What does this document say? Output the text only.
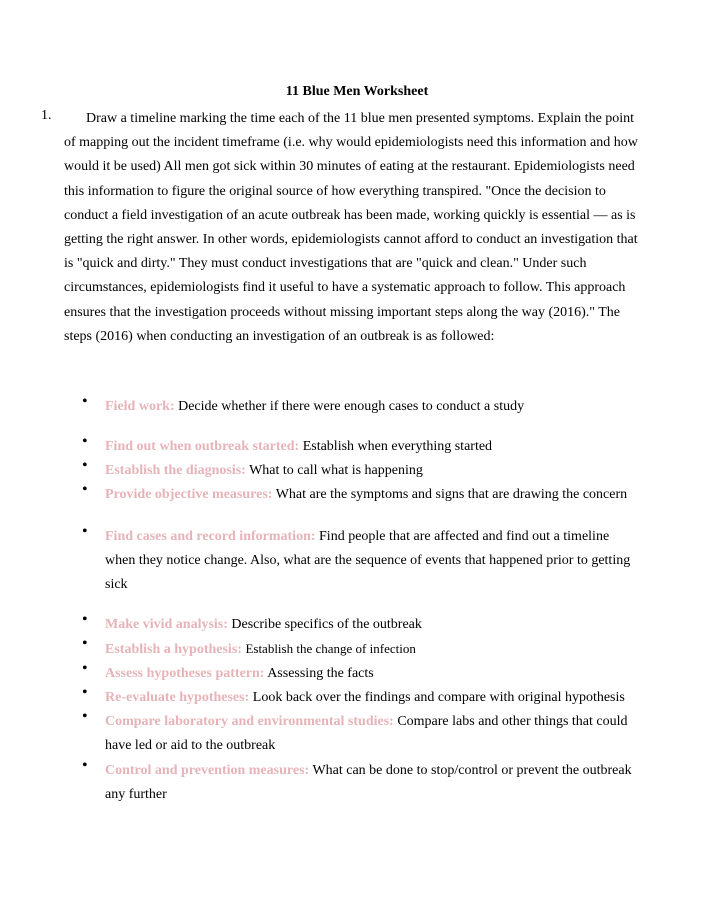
11 Blue Men Worksheet
1.	Draw a timeline marking the time each of the 11 blue men presented symptoms. Explain the point of mapping out the incident timeframe (i.e. why would epidemiologists need this information and how would it be used) All men got sick within 30 minutes of eating at the restaurant. Epidemiologists need this information to figure the original source of how everything transpired. "Once the decision to conduct a field investigation of an acute outbreak has been made, working quickly is essential — as is getting the right answer. In other words, epidemiologists cannot afford to conduct an investigation that is "quick and dirty." They must conduct investigations that are "quick and clean." Under such circumstances, epidemiologists find it useful to have a systematic approach to follow. This approach ensures that the investigation proceeds without missing important steps along the way (2016)." The steps (2016) when conducting an investigation of an outbreak is as followed:

•	Field work: Decide whether if there were enough cases to conduct a study
•	Find out when outbreak started: Establish when everything started
•	Establish the diagnosis: What to call what is happening
•	Provide objective measures: What are the symptoms and signs that are drawing the concern
•	Find cases and record information: Find people that are affected and find out a timeline when they notice change. Also, what are the sequence of events that happened prior to getting sick
•	Make vivid analysis: Describe specifics of the outbreak
•	Establish a hypothesis: Establish the change of infection
•	Assess hypotheses pattern: Assessing the facts
•	Re-evaluate hypotheses: Look back over the findings and compare with original hypothesis
•	Compare laboratory and environmental studies: Compare labs and other things that could have led or aid to the outbreak
•	Control and prevention measures: What can be done to stop/control or prevent the outbreak any further
